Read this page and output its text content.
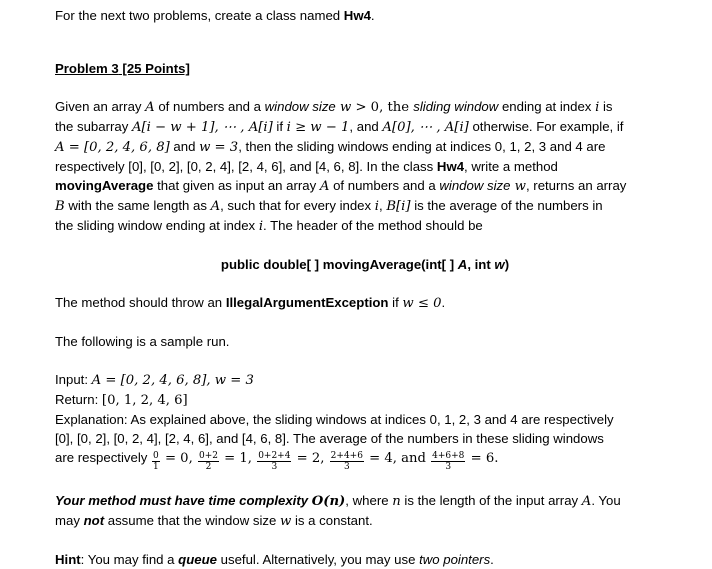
For the next two problems, create a class named Hw4.

Problem 3 [25 Points]

Given an array A of numbers and a window size w > 0, the sliding window ending at index i is
the subarray A[i − w + 1], ⋯ , A[i] if i ≥ w − 1, and A[0], ⋯ , A[i] otherwise. For example, if
A = [0, 2, 4, 6, 8] and w = 3, then the sliding windows ending at indices 0, 1, 2, 3 and 4 are
respectively [0], [0, 2], [0, 2, 4], [2, 4, 6], and [4, 6, 8]. In the class Hw4, write a method
movingAverage that given as input an array A of numbers and a window size w, returns an array
B with the same length as A, such that for every index i, B[i] is the average of the numbers in
the sliding window ending at index i. The header of the method should be

public double[ ] movingAverage(int[ ] A, int w)

The method should throw an IllegalArgumentException if w ≤ 0.

The following is a sample run.

Input: A = [0, 2, 4, 6, 8], w = 3
Return: [0, 1, 2, 4, 6]
Explanation: As explained above, the sliding windows at indices 0, 1, 2, 3 and 4 are respectively
[0], [0, 2], [0, 2, 4], [2, 4, 6], and [4, 6, 8]. The average of the numbers in these sliding windows
are respectively $\frac{0}{1} = 0$, $\frac{0+2}{2} = 1$, $\frac{0+2+4}{3} = 2$, $\frac{2+4+6}{3} = 4$, and $\frac{4+6+8}{3} = 6$.

Your method must have time complexity O(n), where n is the length of the input array A. You
may not assume that the window size w is a constant.

Hint: You may find a queue useful. Alternatively, you may use two pointers.
